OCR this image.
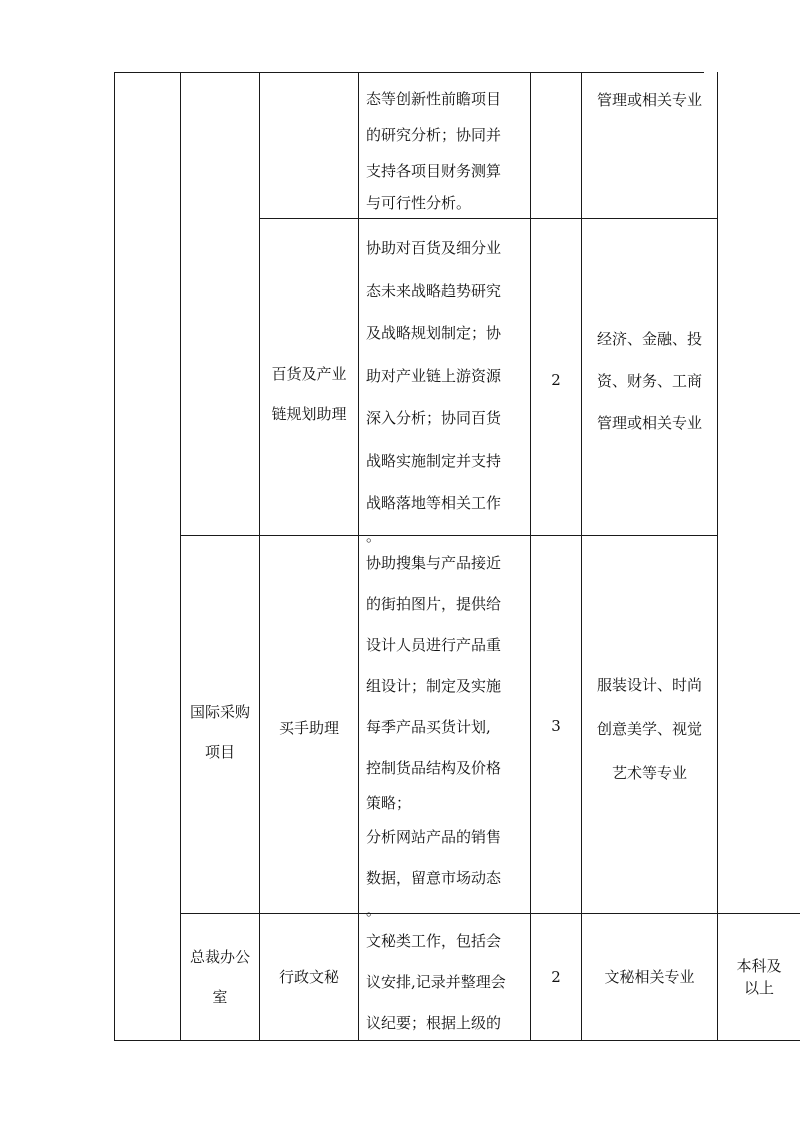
态等创新性前瞻项目
的研究分析；协同并
支持各项目财务测算
与可行性分析。
管理或相关专业
百货及产业
链规划助理
协助对百货及细分业
态未来战略趋势研究
及战略规划制定；协
助对产业链上游资源
深入分析；协同百货
战略实施制定并支持
战略落地等相关工作
。
2
经济、金融、投
资、财务、工商
管理或相关专业
国际采购
项目
买手助理
协助搜集与产品接近
的街拍图片，提供给
设计人员进行产品重
组设计；制定及实施
每季产品买货计划,
控制货品结构及价格
策略；
分析网站产品的销售
数据，留意市场动态
。
3
服装设计、时尚
创意美学、视觉
艺术等专业
总裁办公
室
行政文秘
文秘类工作，包括会
议安排,记录并整理会
议纪要；根据上级的
2	文秘相关专业
本科及
以上
